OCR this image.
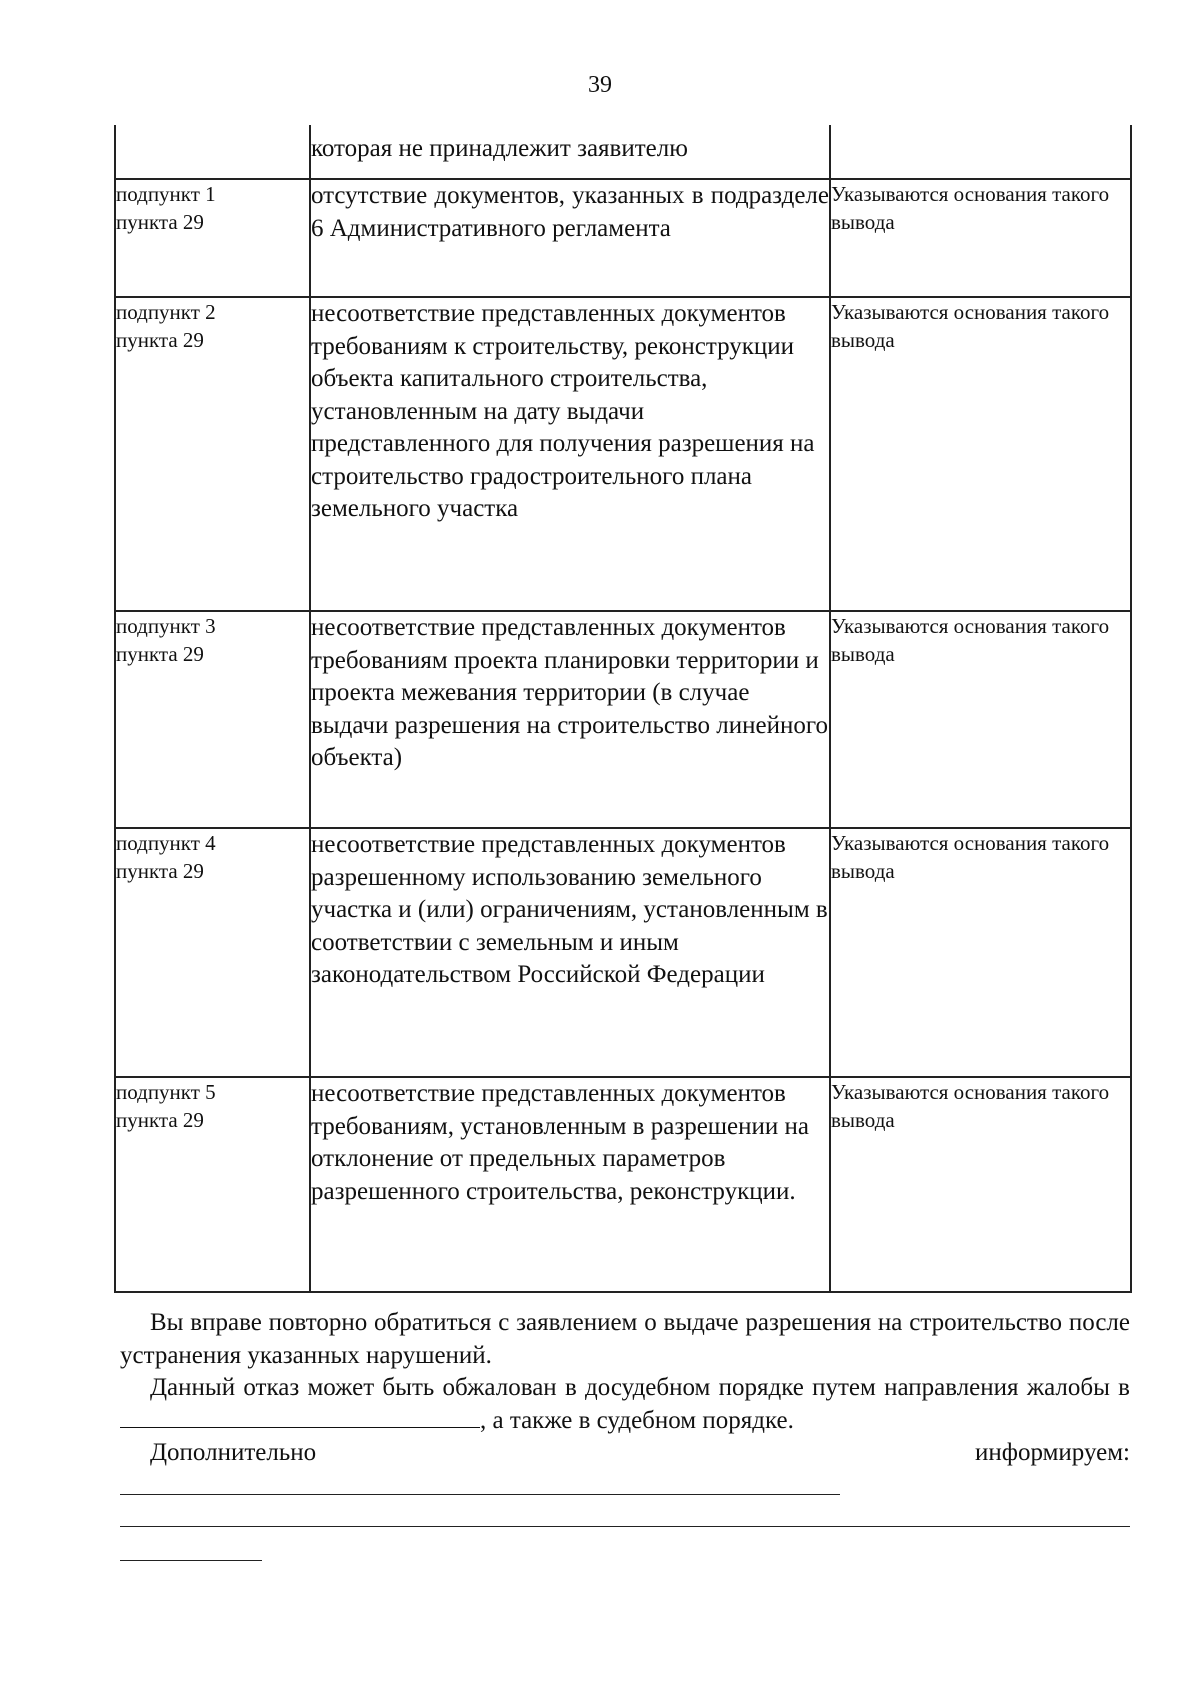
39
	которая не принадлежит заявителю	

подпункт 1
пункта 29	отсутствие документов, указанных в подразделе 6 Административного регламента	Указываются основания такого вывода

подпункт 2
пункта 29	несоответствие представленных документов требованиям к строительству, реконструкции объекта капитального строительства, установленным на дату выдачи представленного для получения разрешения на строительство градостроительного плана земельного участка	Указываются основания такого вывода

подпункт 3
пункта 29	несоответствие представленных документов требованиям проекта планировки территории и проекта межевания территории (в случае выдачи разрешения на строительство линейного объекта)	Указываются основания такого вывода

подпункт 4
пункта 29	несоответствие представленных документов разрешенному использованию земельного участка и (или) ограничениям, установленным в соответствии с земельным и иным законодательством Российской Федерации	Указываются основания такого вывода

подпункт 5
пункта 29	несоответствие представленных документов требованиям, установленным в разрешении на отклонение от предельных параметров разрешенного строительства, реконструкции.	Указываются основания такого вывода

Вы вправе повторно обратиться с заявлением о выдаче разрешения на строительство после устранения указанных нарушений.

Данный отказ может быть обжалован в досудебном порядке путем направления жалобы в , а также в судебном порядке.

Дополнительно	информируем:
